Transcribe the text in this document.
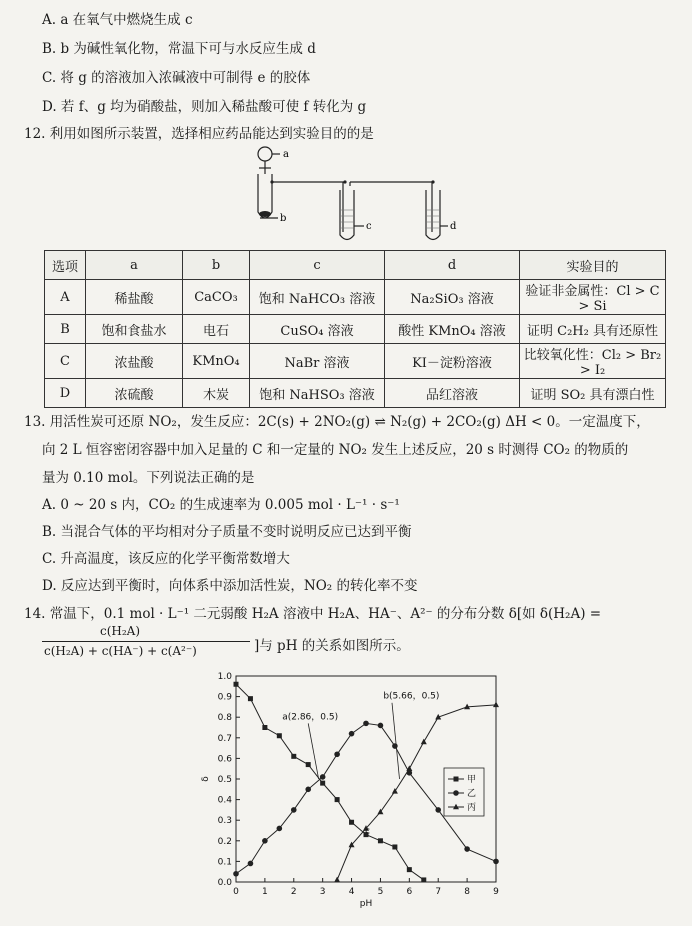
A. a 在氧气中燃烧生成 c
B. b 为碱性氧化物，常温下可与水反应生成 d
C. 将 g 的溶液加入浓碱液中可制得 e 的胶体
D. 若 f、g 均为硝酸盐，则加入稀盐酸可使 f 转化为 g
12. 利用如图所示装置，选择相应药品能达到实验目的的是
a
b
c	d
选项	a	b	c	d	实验目的
A	稀盐酸	CaCO₃	饱和 NaHCO₃ 溶液	Na₂SiO₃ 溶液	验证非金属性：Cl > C > Si
B	饱和食盐水	电石	CuSO₄ 溶液	酸性 KMnO₄ 溶液	证明 C₂H₂ 具有还原性
C	浓盐酸	KMnO₄	NaBr 溶液	KI－淀粉溶液	比较氧化性：Cl₂ > Br₂ > I₂
D	浓硫酸	木炭	饱和 NaHSO₃ 溶液	品红溶液	证明 SO₂ 具有漂白性
13. 用活性炭可还原 NO₂，发生反应：2C(s) + 2NO₂(g) ⇌ N₂(g) + 2CO₂(g) ΔH < 0。一定温度下，
向 2 L 恒容密闭容器中加入足量的 C 和一定量的 NO₂ 发生上述反应，20 s 时测得 CO₂ 的物质的
量为 0.10 mol。下列说法正确的是
A. 0 ~ 20 s 内，CO₂ 的生成速率为 0.005 mol · L⁻¹ · s⁻¹
B. 当混合气体的平均相对分子质量不变时说明反应已达到平衡
C. 升高温度，该反应的化学平衡常数增大
D. 反应达到平衡时，向体系中添加活性炭，NO₂ 的转化率不变
14. 常温下，0.1 mol · L⁻¹ 二元弱酸 H₂A 溶液中 H₂A、HA⁻、A²⁻ 的分布分数 δ[如 δ(H₂A) =
c(H₂A)
c(H₂A) + c(HA⁻) + c(A²⁻)	]与 pH 的关系如图所示。
0	1	2	3	4	5	6	7	8	9
0.0
0.1
0.2
0.3
0.4
0.5
0.6
0.7
0.8
0.9
1.0
pH
δ
a(2.86，0.5)
b(5.66，0.5)
c
甲
乙
丙
